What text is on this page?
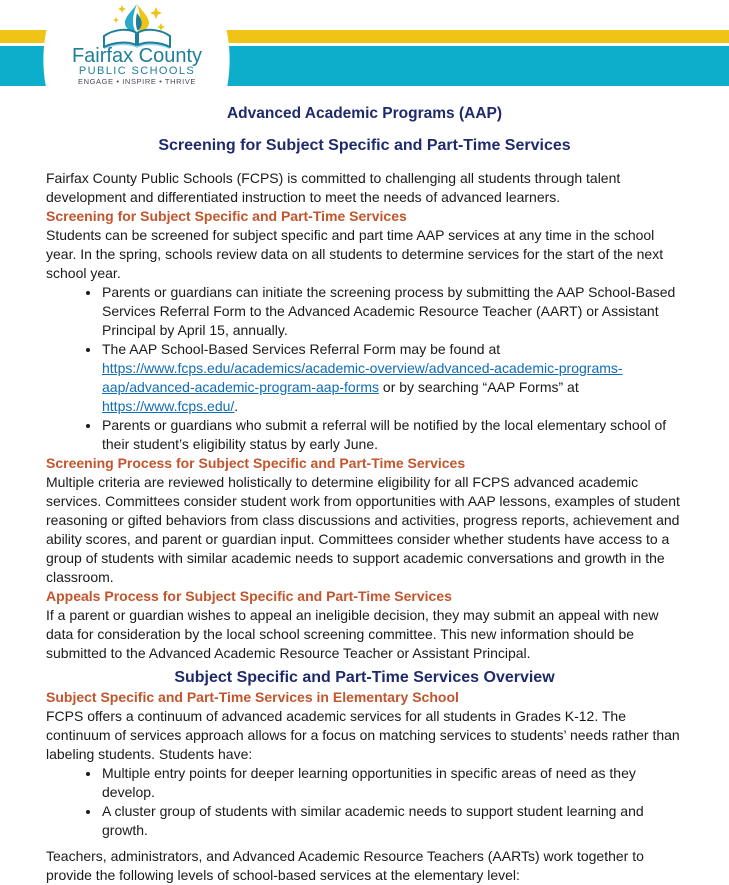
Fairfax County
PUBLIC SCHOOLS
ENGAGE • INSPIRE • THRIVE
Advanced Academic Programs (AAP)
Screening for Subject Specific and Part-Time Services

Fairfax County Public Schools (FCPS) is committed to challenging all students through talent development and differentiated instruction to meet the needs of advanced learners.

Screening for Subject Specific and Part-Time Services

Students can be screened for subject specific and part time AAP services at any time in the school year. In the spring, schools review data on all students to determine services for the start of the next school year.

• Parents or guardians can initiate the screening process by submitting the AAP School-Based Services Referral Form to the Advanced Academic Resource Teacher (AART) or Assistant Principal by April 15, annually.
• The AAP School-Based Services Referral Form may be found at https://www.fcps.edu/academics/academic-overview/advanced-academic-programs-aap/advanced-academic-program-aap-forms or by searching “AAP Forms” at https://www.fcps.edu/.
• Parents or guardians who submit a referral will be notified by the local elementary school of their student’s eligibility status by early June.
Screening Process for Subject Specific and Part-Time Services

Multiple criteria are reviewed holistically to determine eligibility for all FCPS advanced academic services. Committees consider student work from opportunities with AAP lessons, examples of student reasoning or gifted behaviors from class discussions and activities, progress reports, achievement and ability scores, and parent or guardian input. Committees consider whether students have access to a group of students with similar academic needs to support academic conversations and growth in the classroom.

Appeals Process for Subject Specific and Part-Time Services

If a parent or guardian wishes to appeal an ineligible decision, they may submit an appeal with new data for consideration by the local school screening committee. This new information should be submitted to the Advanced Academic Resource Teacher or Assistant Principal.

Subject Specific and Part-Time Services Overview
Subject Specific and Part-Time Services in Elementary School

FCPS offers a continuum of advanced academic services for all students in Grades K-12. The continuum of services approach allows for a focus on matching services to students’ needs rather than labeling students. Students have:

• Multiple entry points for deeper learning opportunities in specific areas of need as they develop.
• A cluster group of students with similar academic needs to support student learning and growth.

Teachers, administrators, and Advanced Academic Resource Teachers (AARTs) work together to provide the following levels of school-based services at the elementary level:
